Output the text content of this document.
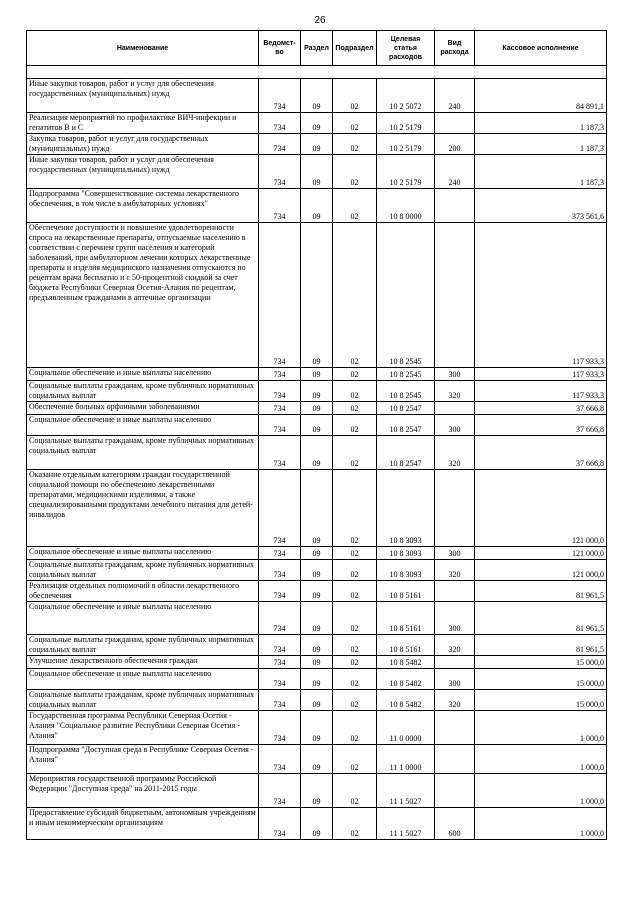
26
Наименование	Ведомст-во	Раздел	Подраздел	Целевая статья расходов	Вид расхода	Кассовое исполнение

Иные закупки товаров, работ и услуг для обеспечения государственных (муниципальных) нужд	734	09	02	10 2 5072	240	84 891,1
Реализация мероприятий по профилактике ВИЧ-инфекции и гепатитов В и С	734	09	02	10 2 5179		1 187,3
Закупка товаров, работ и услуг для государственных (муниципальных) нужд	734	09	02	10 2 5179	200	1 187,3
Иные закупки товаров, работ и услуг для обеспечения государственных (муниципальных) нужд	734	09	02	10 2 5179	240	1 187,3
Подпрограмма "Совершенствование системы лекарственного обеспечения, в том числе в амбулаторных условиях"	734	09	02	10 8 0000		373 561,6
Обеспечение доступности и повышение удовлетворенности спроса на лекарственные препараты, отпускаемые населению в соответствии с перечнем групп населения и категорий заболеваний, при амбулаторном лечении которых лекарственные препараты и изделия медицинского назначения отпускаются по рецептам врача бесплатно и с 50-процентной скидкой за счет бюджета Республики Северная Осетия-Алания по рецептам, предъявленным гражданами в аптечные организации	734	09	02	10 8 2545		117 933,3
Социальное обеспечение и иные выплаты населению	734	09	02	10 8 2545	300	117 933,3
Социальные выплаты гражданам, кроме публичных нормативных социальных выплат	734	09	02	10 8 2545	320	117 933,3
Обеспечение больных орфанными заболеваниями	734	09	02	10 8 2547		37 666,8
Социальное обеспечение и иные выплаты населению	734	09	02	10 8 2547	300	37 666,8
Социальные выплаты гражданам, кроме публичных нормативных социальных выплат	734	09	02	10 8 2547	320	37 666,8
Оказание отдельным категориям граждан государственной социальной помощи по обеспечению лекарственными препаратами, медицинскими изделиями, а также специализированными продуктами лечебного питания для детей-инвалидов	734	09	02	10 8 3093		121 000,0
Социальное обеспечение и иные выплаты населению	734	09	02	10 8 3093	300	121 000,0
Социальные выплаты гражданам, кроме публичных нормативных социальных выплат	734	09	02	10 8 3093	320	121 000,0
Реализация отдельных полномочий в области лекарственного обеспечения	734	09	02	10 8 5161		81 961,5
Социальное обеспечение и иные выплаты населению	734	09	02	10 8 5161	300	81 961,5
Социальные выплаты гражданам, кроме публичных нормативных социальных выплат	734	09	02	10 8 5161	320	81 961,5
Улучшение лекарственного обеспечения граждан	734	09	02	10 8 5482		15 000,0
Социальное обеспечение и иные выплаты населению	734	09	02	10 8 5482	300	15 000,0
Социальные выплаты гражданам, кроме публичных нормативных социальных выплат	734	09	02	10 8 5482	320	15 000,0
Государственная программа Республики Северная Осетия - Алания "Социальное развитие Республики Северная Осетия - Алания"	734	09	02	11 0 0000		1 000,0
Подпрограмма "Доступная среда в Республике Северная Осетия - Алания"	734	09	02	11 1 0000		1 000,0
Мероприятия государственной программы Российской Федерации "Доступная среда" на 2011-2015 годы	734	09	02	11 1 5027		1 000,0
Предоставление субсидий бюджетным, автономным учреждениям и иным некоммерческим организациям	734	09	02	11 1 5027	600	1 000,0
